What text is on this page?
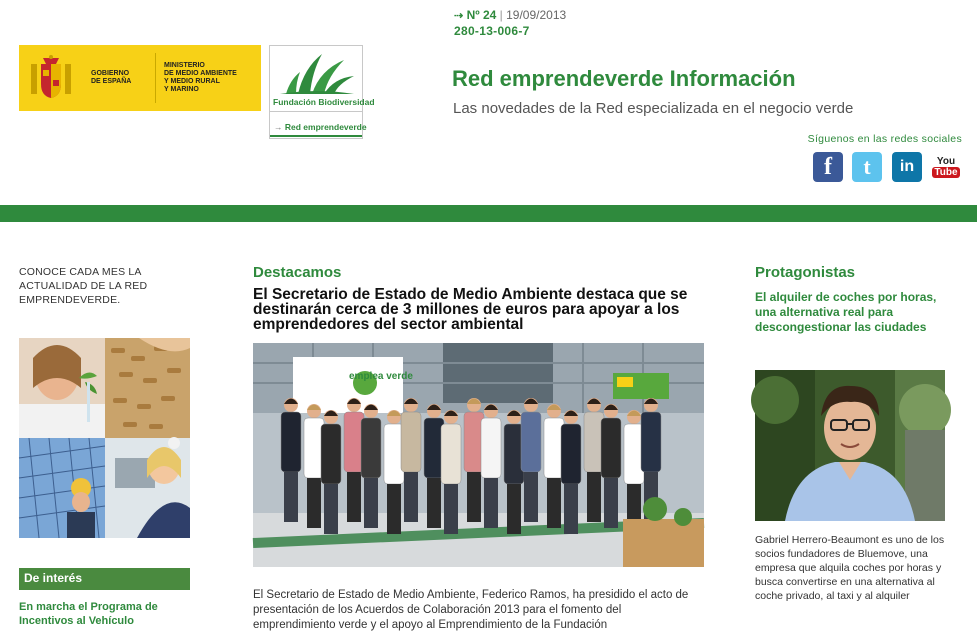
⇢ Nº 24 | 19/09/2013
280-13-006-7
GOBIERNO
DE ESPAÑA
MINISTERIO
DE MEDIO AMBIENTE
Y MEDIO RURAL
Y MARINO
Fundación Biodiversidad
→ Red emprendeverde
Red emprendeverde Información
Las novedades de la Red especializada en el negocio verde
Síguenos en las redes sociales
f	t	in	You
Tube
CONOCE CADA MES LA ACTUALIDAD DE LA RED EMPRENDEVERDE.
De interés
En marcha el Programa de Incentivos al Vehículo
Destacamos
El Secretario de Estado de Medio Ambiente destaca que se destinarán cerca de 3 millones de euros para apoyar a los emprendedores del sector ambiental
emplea verde
El Secretario de Estado de Medio Ambiente, Federico Ramos, ha presidido el acto de presentación de los Acuerdos de Colaboración 2013 para el fomento del emprendimiento verde y el apoyo al Emprendimiento de la Fundación
Protagonistas
El alquiler de coches por horas, una alternativa real para descongestionar las ciudades
Gabriel Herrero-Beaumont es uno de los socios fundadores de Bluemove, una empresa que alquila coches por horas y busca convertirse en una alternativa al coche privado, al taxi y al alquiler
